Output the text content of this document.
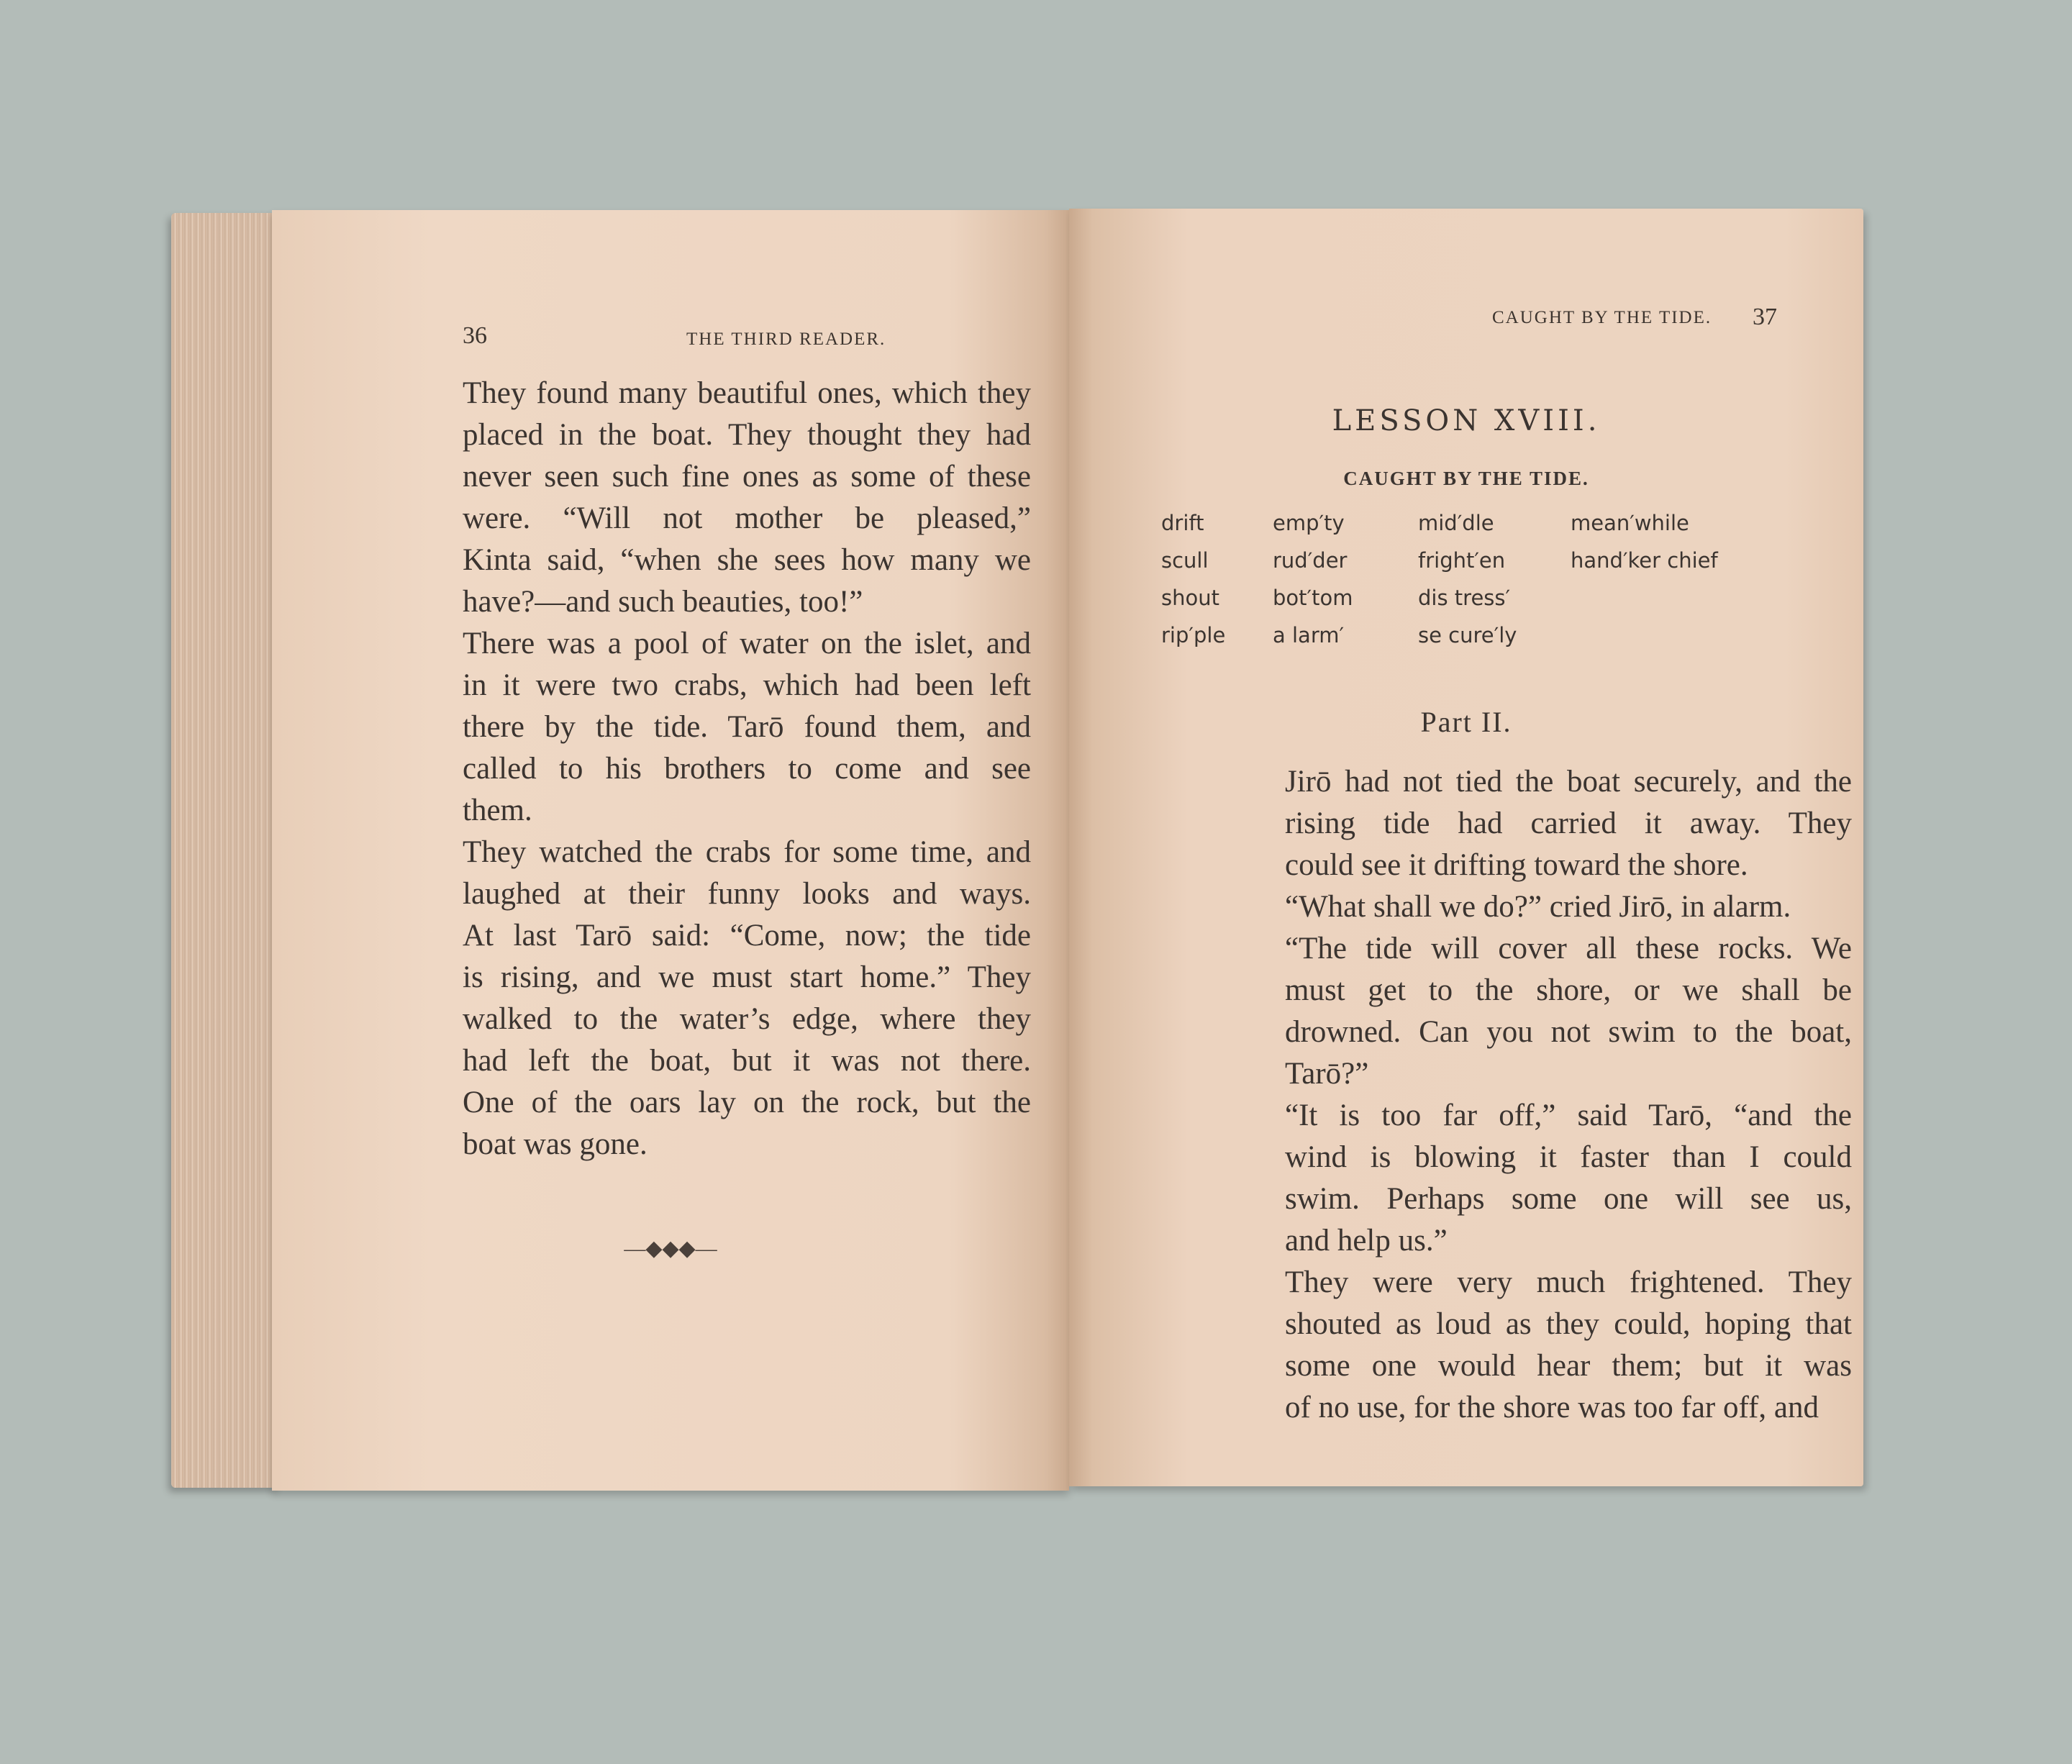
36	THE THIRD READER.

They found many beautiful ones, which they
placed in the boat. They thought they had
never seen such fine ones as some of these
were. “Will not mother be pleased,”
Kinta said, “when she sees how many we
have?—and such beauties, too!”

There was a pool of water on the islet, and
in it were two crabs, which had been left
there by the tide. Tarō found them, and
called to his brothers to come and see
them.

They watched the crabs for some time, and
laughed at their funny looks and ways.
At last Tarō said: “Come, now; the tide
is rising, and we must start home.” They
walked to the water’s edge, where they
had left the boat, but it was not there.
One of the oars lay on the rock, but the
boat was gone.

—◆◆◆—
CAUGHT BY THE TIDE. 37
LESSON XVIII.
CAUGHT BY THE TIDE.
drift	emp′ty	mid′dle	mean′while
scull	rud′der	fright′en	hand′ker chief
shout	bot′tom	dis tress′
rip′ple	a larm′	se cure′ly
Part II.

Jirō had not tied the boat securely, and the
rising tide had carried it away. They
could see it drifting toward the shore.

“What shall we do?” cried Jirō, in alarm.

“The tide will cover all these rocks. We
must get to the shore, or we shall be
drowned. Can you not swim to the boat,
Tarō?”

“It is too far off,” said Tarō, “and the
wind is blowing it faster than I could
swim. Perhaps some one will see us,
and help us.”

They were very much frightened. They
shouted as loud as they could, hoping that
some one would hear them; but it was
of no use, for the shore was too far off, and
